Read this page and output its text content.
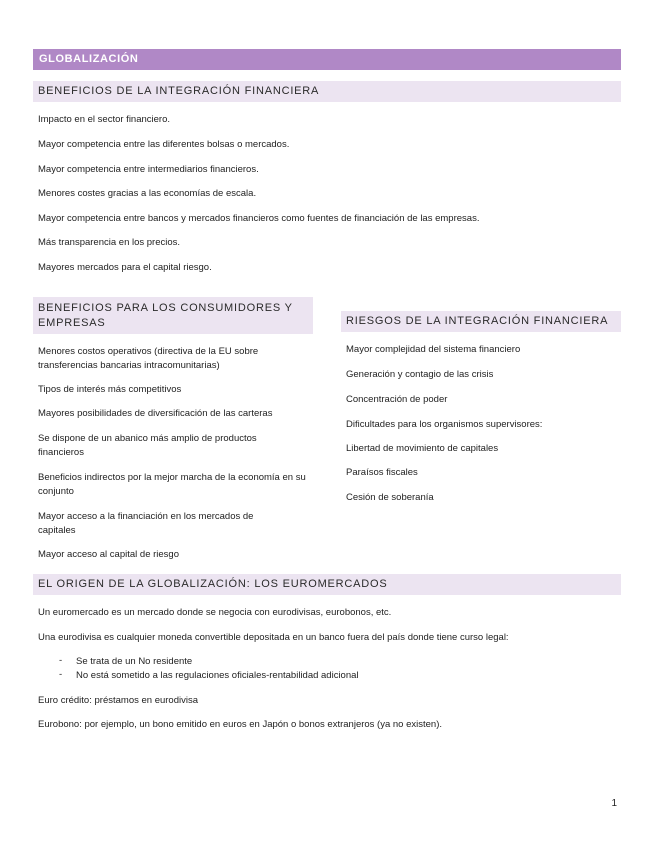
GLOBALIZACIÓN
BENEFICIOS DE LA INTEGRACIÓN FINANCIERA
Impacto en el sector financiero.
Mayor competencia entre las diferentes bolsas o mercados.
Mayor competencia entre intermediarios financieros.
Menores costes gracias a las economías de escala.
Mayor competencia entre bancos y mercados financieros como fuentes de financiación de las empresas.
Más transparencia en los precios.
Mayores mercados para el capital riesgo.
BENEFICIOS PARA LOS CONSUMIDORES Y EMPRESAS
Menores costos operativos (directiva de la EU sobre transferencias bancarias intracomunitarias)
Tipos de interés más competitivos
Mayores posibilidades de diversificación de las carteras
Se dispone de un abanico más amplio de productos financieros
Beneficios indirectos por la mejor marcha de la economía en su conjunto
Mayor acceso a la financiación en los mercados de capitales
Mayor acceso al capital de riesgo
RIESGOS DE LA INTEGRACIÓN FINANCIERA
Mayor complejidad del sistema financiero
Generación y contagio de las crisis
Concentración de poder
Dificultades para los organismos supervisores:
Libertad de movimiento de capitales
Paraísos fiscales
Cesión de soberanía
EL ORIGEN DE LA GLOBALIZACIÓN: LOS EUROMERCADOS
Un euromercado es un mercado donde se negocia con eurodivisas, eurobonos, etc.
Una eurodivisa es cualquier moneda convertible depositada en un banco fuera del país donde tiene curso legal:
- Se trata de un No residente
- No está sometido a las regulaciones oficiales-rentabilidad adicional
Euro crédito: préstamos en eurodivisa
Eurobono: por ejemplo, un bono emitido en euros en Japón o bonos extranjeros (ya no existen).
1
